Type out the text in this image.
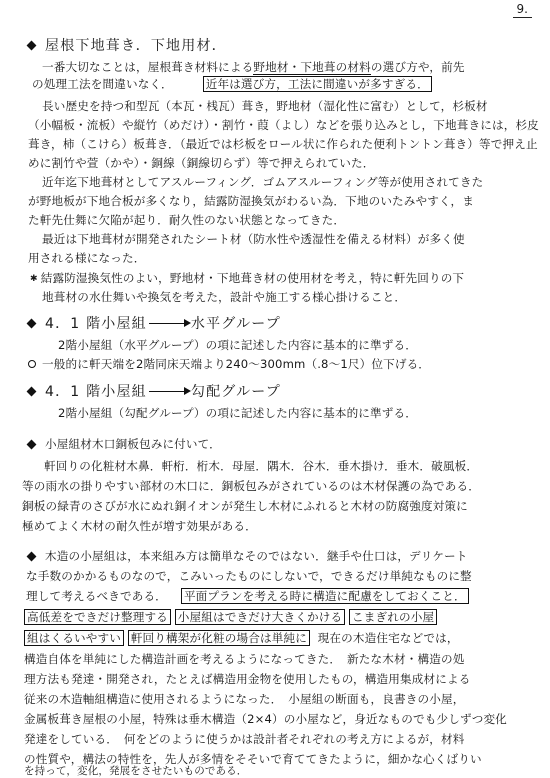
9.
屋根下地葺き．下地用材．
一番大切なことは，屋根葺き材料による野地材・下地葺の材料の選び方や，前先
の処理工法を間違いなく．	近年は選び方，工法に間違いが多すぎる．
長い歴史を持つ和型瓦（本瓦・桟瓦）葺き，野地材（湿化性に富む）として，杉板材
（小幅板・流板）や縦竹（めだけ）・割竹・葭（よし）などを張り込みとし，下地葺きには，杉皮
葺き，柿（こけら）板葺き．（最近では杉板をロール状に作られた便利トントン葺き）等で押え止
めに割竹や萱（かや）・銅線（銅線切らず）等で押えられていた．
近年迄下地葺材としてアスルーフィング．ゴムアスルーフィング等が使用されてきた
が野地板が下地合板が多くなり，結露防湿換気がわるい為．下地のいたみやすく，ま
た軒先仕舞に欠陥が起り．耐久性のない状態となってきた．
最近は下地葺材が開発されたシート材（防水性や透湿性を備える材料）が多く使
用される様になった．
✱ 結露防湿換気性のよい，野地材・下地葺き材の使用材を考え，特に軒先回りの下
地葺材の水仕舞いや換気を考えた，設計や施工する様心掛けること．
4．1 階小屋組	水平グループ
2階小屋組（水平グループ）の項に記述した内容に基本的に準ずる．
一般的に軒天端を2階同床天端より240～300mm（.8～1尺）位下げる．
4．1 階小屋組	勾配グループ
2階小屋組（勾配グループ）の項に記述した内容に基本的に準ずる．
小屋組材木口銅板包みに付いて．
軒回りの化粧材木鼻．軒桁．桁木．母屋．隅木．谷木．垂木掛け．垂木．破風板．
等の雨水の掛りやすい部材の木口に．銅板包みがされているのは木材保護の為である．
銅板の緑青のさびが水にぬれ銅イオンが発生し木材にふれると木材の防腐強度対策に
極めてよく木材の耐久性が増す効果がある．
木造の小屋組は，本来組み方は簡単なそのではない．継手や仕口は，デリケート
な手数のかかるものなので，こみいったものにしないで，できるだけ単純なものに整
理して考えるべきである． 平面プランを考える時に構造に配慮をしておくこと．
高低差をできだけ整理する 小屋組はできだけ大きくかける こまぎれの小屋
組はくるいやすい 軒回り構架が化粧の場合は単純に 現在の木造住宅などでは，
構造自体を単純にした構造計画を考えるようになってきた．　新たな木材・構造の処
理方法も発達・開発され，たとえば構造用金物を使用したもの，構造用集成材による
従来の木造軸組構造に使用されるようになった．　小屋組の断面も，良書きの小屋，
金属板葺き屋根の小屋，特殊は垂木構造（2×4）の小屋など，身近なものでも少しずつ変化
発達をしている．　何をどのように使うかは設計者それぞれの考え方によるが，材料
の性質や，構法の特性を，先人が多情をそそいで育ててきたように，細かな心くばりい
を持って，変化，発展をさせたいものである．
